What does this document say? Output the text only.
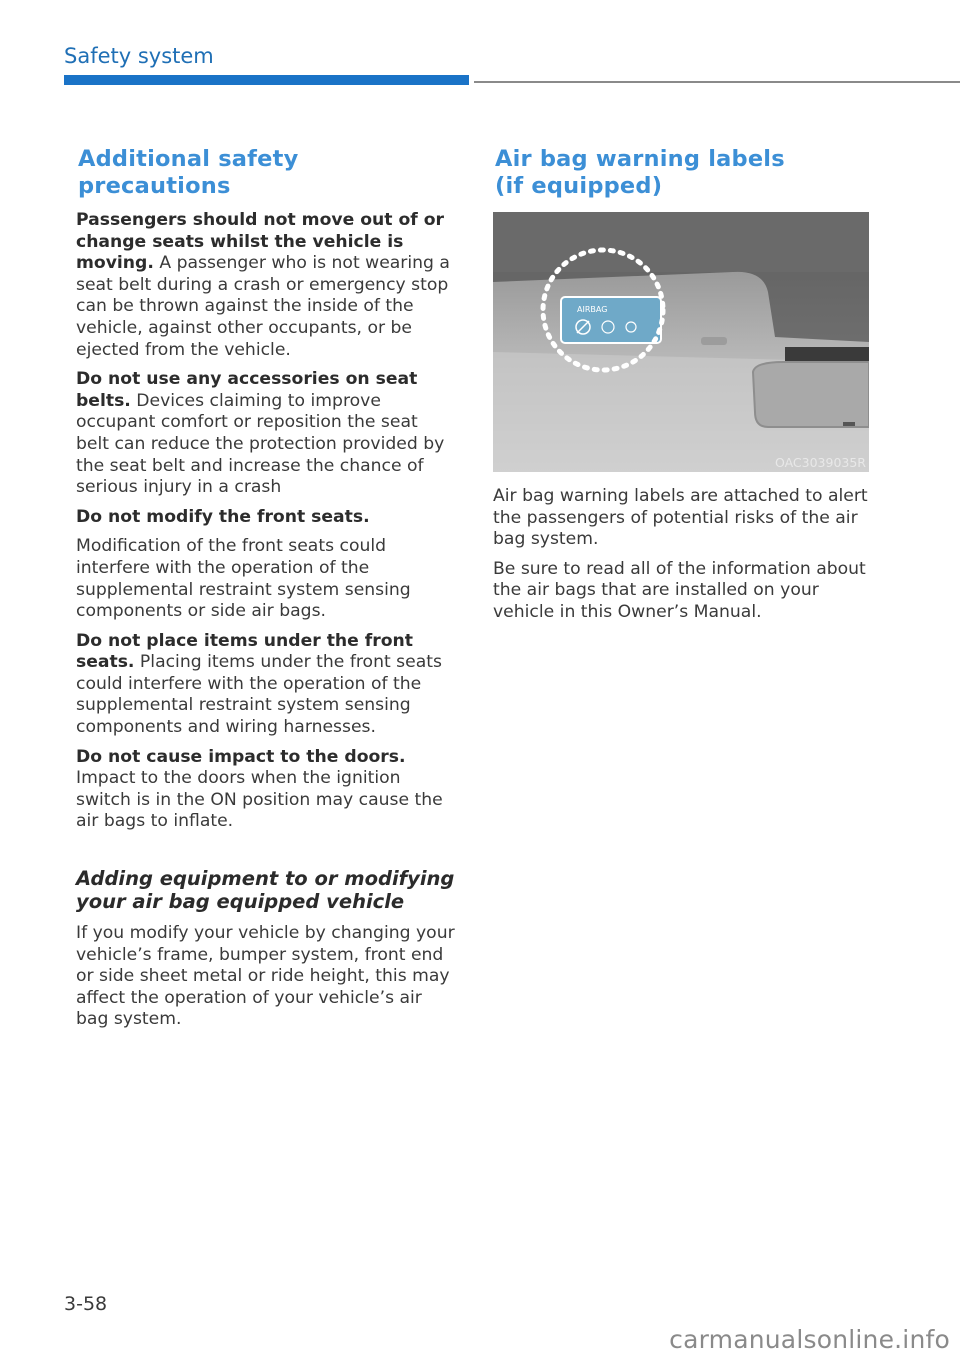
Safety system
Additional safety precautions

Passengers should not move out of or change seats whilst the vehicle is moving. A passenger who is not wearing a seat belt during a crash or emergency stop can be thrown against the inside of the vehicle, against other occupants, or be ejected from the vehicle.

Do not use any accessories on seat belts. Devices claiming to improve occupant comfort or reposition the seat belt can reduce the protection provided by the seat belt and increase the chance of serious injury in a crash

Do not modify the front seats.

Modification of the front seats could interfere with the operation of the supplemental restraint system sensing components or side air bags.

Do not place items under the front seats. Placing items under the front seats could interfere with the operation of the supplemental restraint system sensing components and wiring harnesses.

Do not cause impact to the doors. Impact to the doors when the ignition switch is in the ON position may cause the air bags to inflate.

Adding equipment to or modifying your air bag equipped vehicle

If you modify your vehicle by changing your vehicle’s frame, bumper system, front end or side sheet metal or ride height, this may affect the operation of your vehicle’s air bag system.

Air bag warning labels
(if equipped)
AIRBAG
OAC3039035R

Air bag warning labels are attached to alert the passengers of potential risks of the air bag system.

Be sure to read all of the information about the air bags that are installed on your vehicle in this Owner’s Manual.

3-58
carmanualsonline.info
